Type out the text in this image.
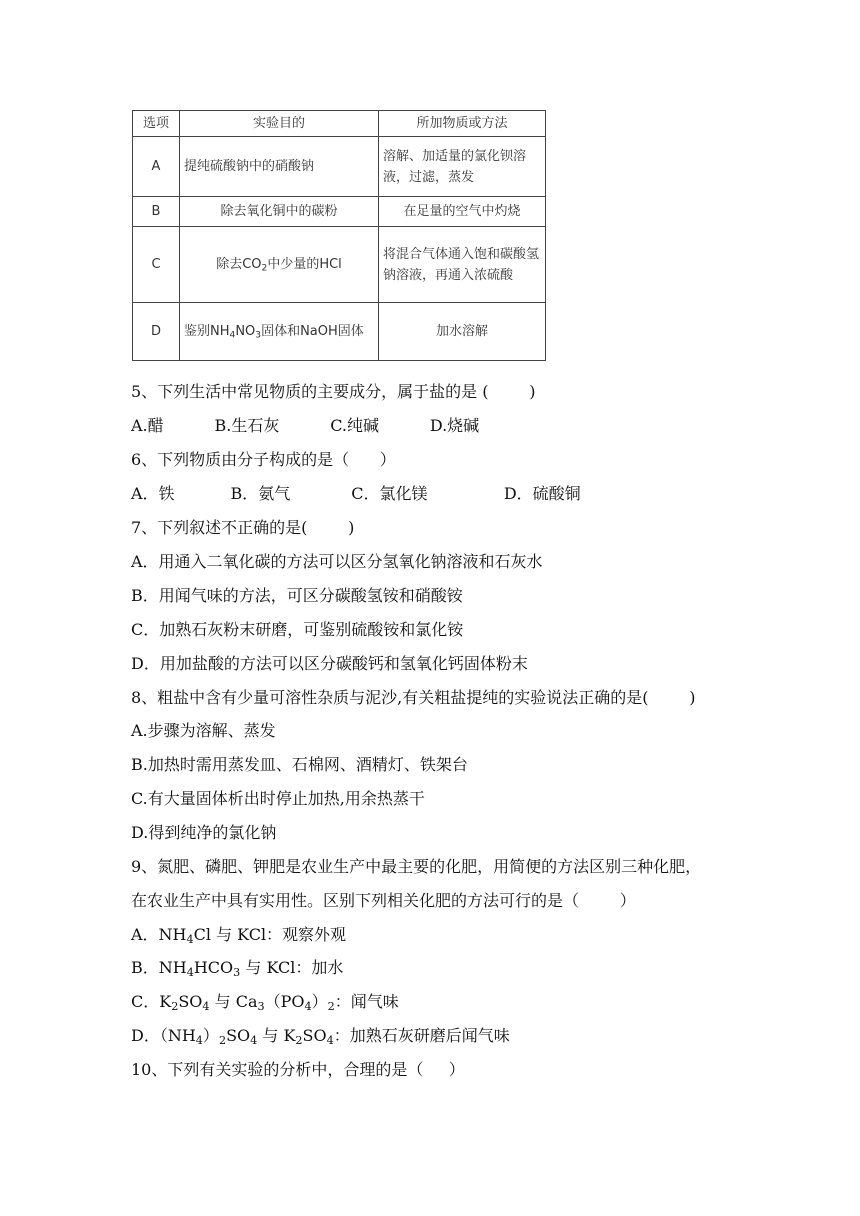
选项	实验目的	所加物质或方法
A	提纯硫酸钠中的硝酸钠	溶解、加适量的氯化钡溶液，过滤，蒸发
B	除去氧化铜中的碳粉	在足量的空气中灼烧
C	除去$CO_2$中少量的HCl	将混合气体通入饱和碳酸氢钠溶液，再通入浓硫酸
D	鉴别$NH_4NO_3$固体和NaOH固体	加水溶解
5、下列生活中常见物质的主要成分，属于盐的是 (        )
A.醋          B.生石灰          C.纯碱          D.烧碱
6、下列物质由分子构成的是（      ）
A．铁           B．氨气            C．氯化镁               D．硫酸铜
7、下列叙述不正确的是(        )
A．用通入二氧化碳的方法可以区分氢氧化钠溶液和石灰水
B．用闻气味的方法，可区分碳酸氢铵和硝酸铵
C．加熟石灰粉末研磨，可鉴别硫酸铵和氯化铵
D．用加盐酸的方法可以区分碳酸钙和氢氧化钙固体粉末
8、粗盐中含有少量可溶性杂质与泥沙,有关粗盐提纯的实验说法正确的是(        )
A.步骤为溶解、蒸发
B.加热时需用蒸发皿、石棉网、酒精灯、铁架台
C.有大量固体析出时停止加热,用余热蒸干
D.得到纯净的氯化钠
9、氮肥、磷肥、钾肥是农业生产中最主要的化肥，用简便的方法区别三种化肥，
在农业生产中具有实用性。区别下列相关化肥的方法可行的是（        ）
A．$NH_4Cl$ 与 KCl：观察外观
B．$NH_4HCO_3$ 与 KCl：加水
C．$K_2SO_4$ 与 $Ca_3(PO_4)_2$：闻气味
D．$(NH_4)_2SO_4$ 与 $K_2SO_4$：加熟石灰研磨后闻气味
10、下列有关实验的分析中，合理的是（     ）
